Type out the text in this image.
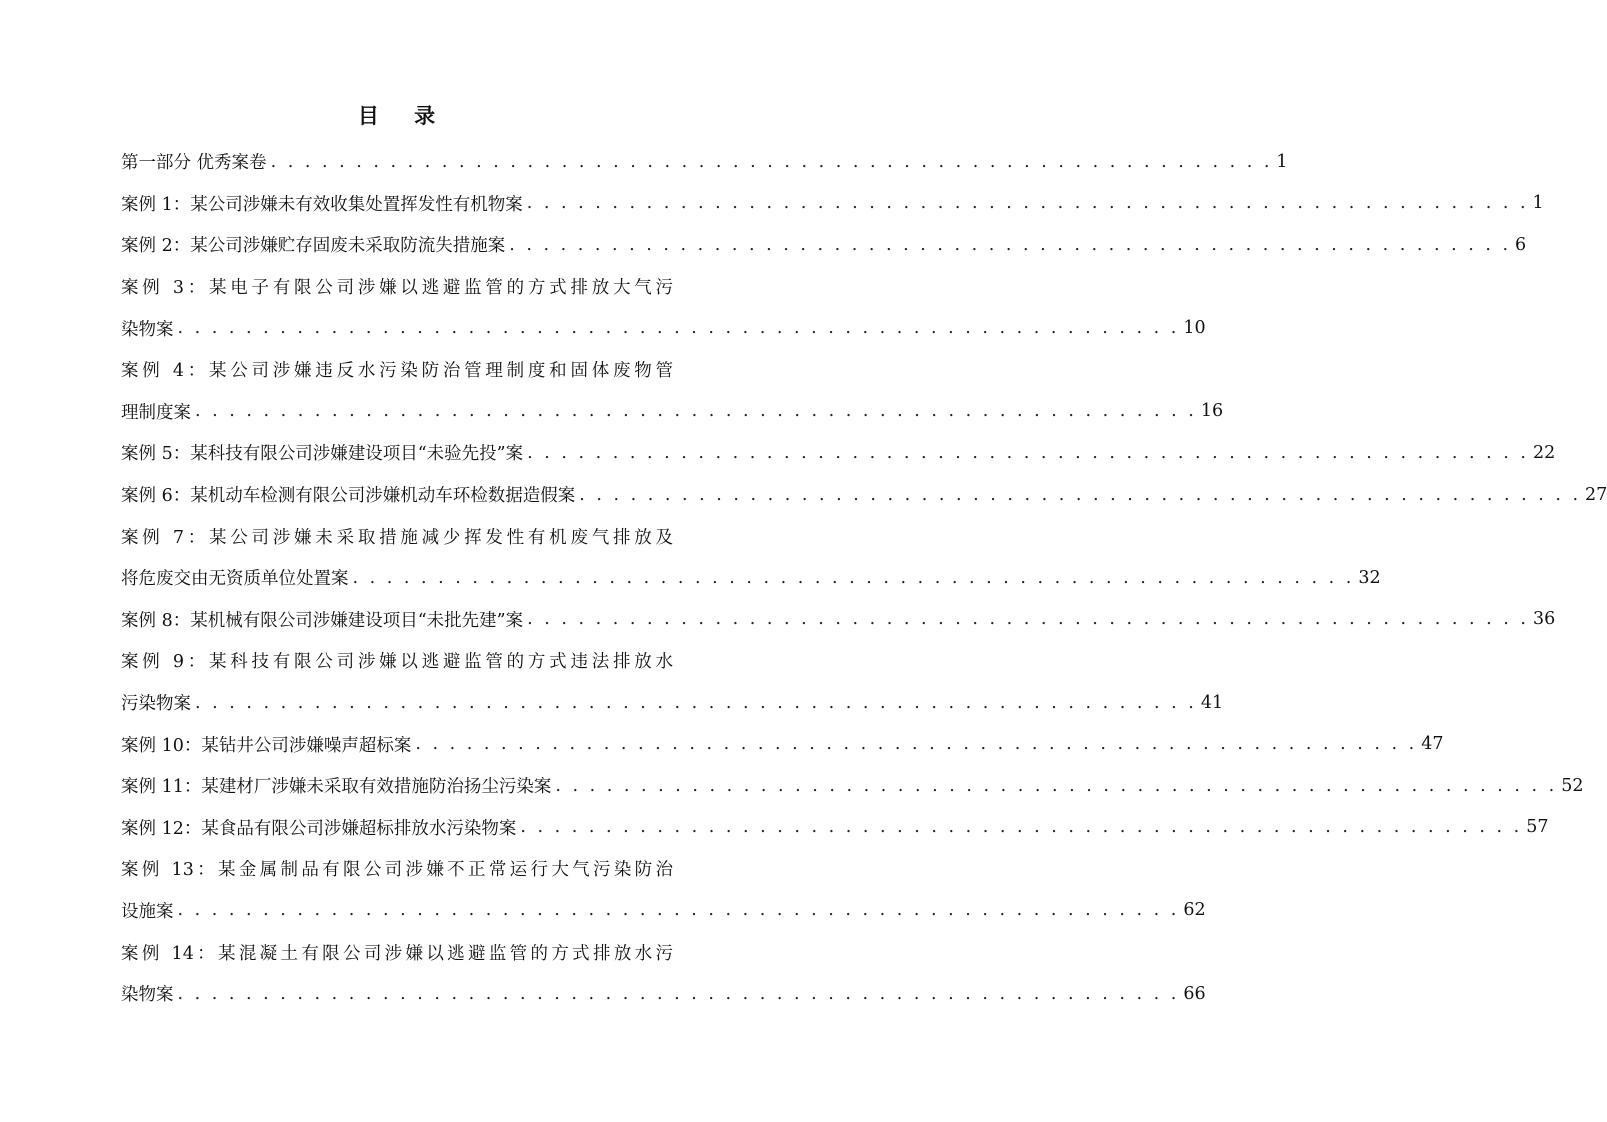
目 录
第一部分 优秀案卷 . . . . . . . . . . . . . . . . . . . . . . . . . . . . . . . . . . . . . . . . . . . . . . . . . . . . . . . . . . . 1
案例 1：某公司涉嫌未有效收集处置挥发性有机物案 . . . . . . . . . . . . . . . . . . . . . . . . . . . . . . . . . . . . . . . . . . . . . . . . . . . . . . . . . . . 1
案例 2：某公司涉嫌贮存固废未采取防流失措施案 . . . . . . . . . . . . . . . . . . . . . . . . . . . . . . . . . . . . . . . . . . . . . . . . . . . . . . . . . . . 6
案例 3：某电子有限公司涉嫌以逃避监管的方式排放大气污
染物案 . . . . . . . . . . . . . . . . . . . . . . . . . . . . . . . . . . . . . . . . . . . . . . . . . . . . . . . . . . . 10
案例 4：某公司涉嫌违反水污染防治管理制度和固体废物管
理制度案 . . . . . . . . . . . . . . . . . . . . . . . . . . . . . . . . . . . . . . . . . . . . . . . . . . . . . . . . . . . 16
案例 5：某科技有限公司涉嫌建设项目“未验先投”案 . . . . . . . . . . . . . . . . . . . . . . . . . . . . . . . . . . . . . . . . . . . . . . . . . . . . . . . . . . . 22
案例 6：某机动车检测有限公司涉嫌机动车环检数据造假案 . . . . . . . . . . . . . . . . . . . . . . . . . . . . . . . . . . . . . . . . . . . . . . . . . . . . . . . . . . . 27
案例 7：某公司涉嫌未采取措施减少挥发性有机废气排放及
将危废交由无资质单位处置案 . . . . . . . . . . . . . . . . . . . . . . . . . . . . . . . . . . . . . . . . . . . . . . . . . . . . . . . . . . . 32
案例 8：某机械有限公司涉嫌建设项目“未批先建”案 . . . . . . . . . . . . . . . . . . . . . . . . . . . . . . . . . . . . . . . . . . . . . . . . . . . . . . . . . . . 36
案例 9：某科技有限公司涉嫌以逃避监管的方式违法排放水
污染物案 . . . . . . . . . . . . . . . . . . . . . . . . . . . . . . . . . . . . . . . . . . . . . . . . . . . . . . . . . . . 41
案例 10：某钻井公司涉嫌噪声超标案 . . . . . . . . . . . . . . . . . . . . . . . . . . . . . . . . . . . . . . . . . . . . . . . . . . . . . . . . . . . 47
案例 11：某建材厂涉嫌未采取有效措施防治扬尘污染案 . . . . . . . . . . . . . . . . . . . . . . . . . . . . . . . . . . . . . . . . . . . . . . . . . . . . . . . . . . . 52
案例 12：某食品有限公司涉嫌超标排放水污染物案 . . . . . . . . . . . . . . . . . . . . . . . . . . . . . . . . . . . . . . . . . . . . . . . . . . . . . . . . . . . 57
案例 13：某金属制品有限公司涉嫌不正常运行大气污染防治
设施案 . . . . . . . . . . . . . . . . . . . . . . . . . . . . . . . . . . . . . . . . . . . . . . . . . . . . . . . . . . . 62
案例 14：某混凝土有限公司涉嫌以逃避监管的方式排放水污
染物案 . . . . . . . . . . . . . . . . . . . . . . . . . . . . . . . . . . . . . . . . . . . . . . . . . . . . . . . . . . . 66
